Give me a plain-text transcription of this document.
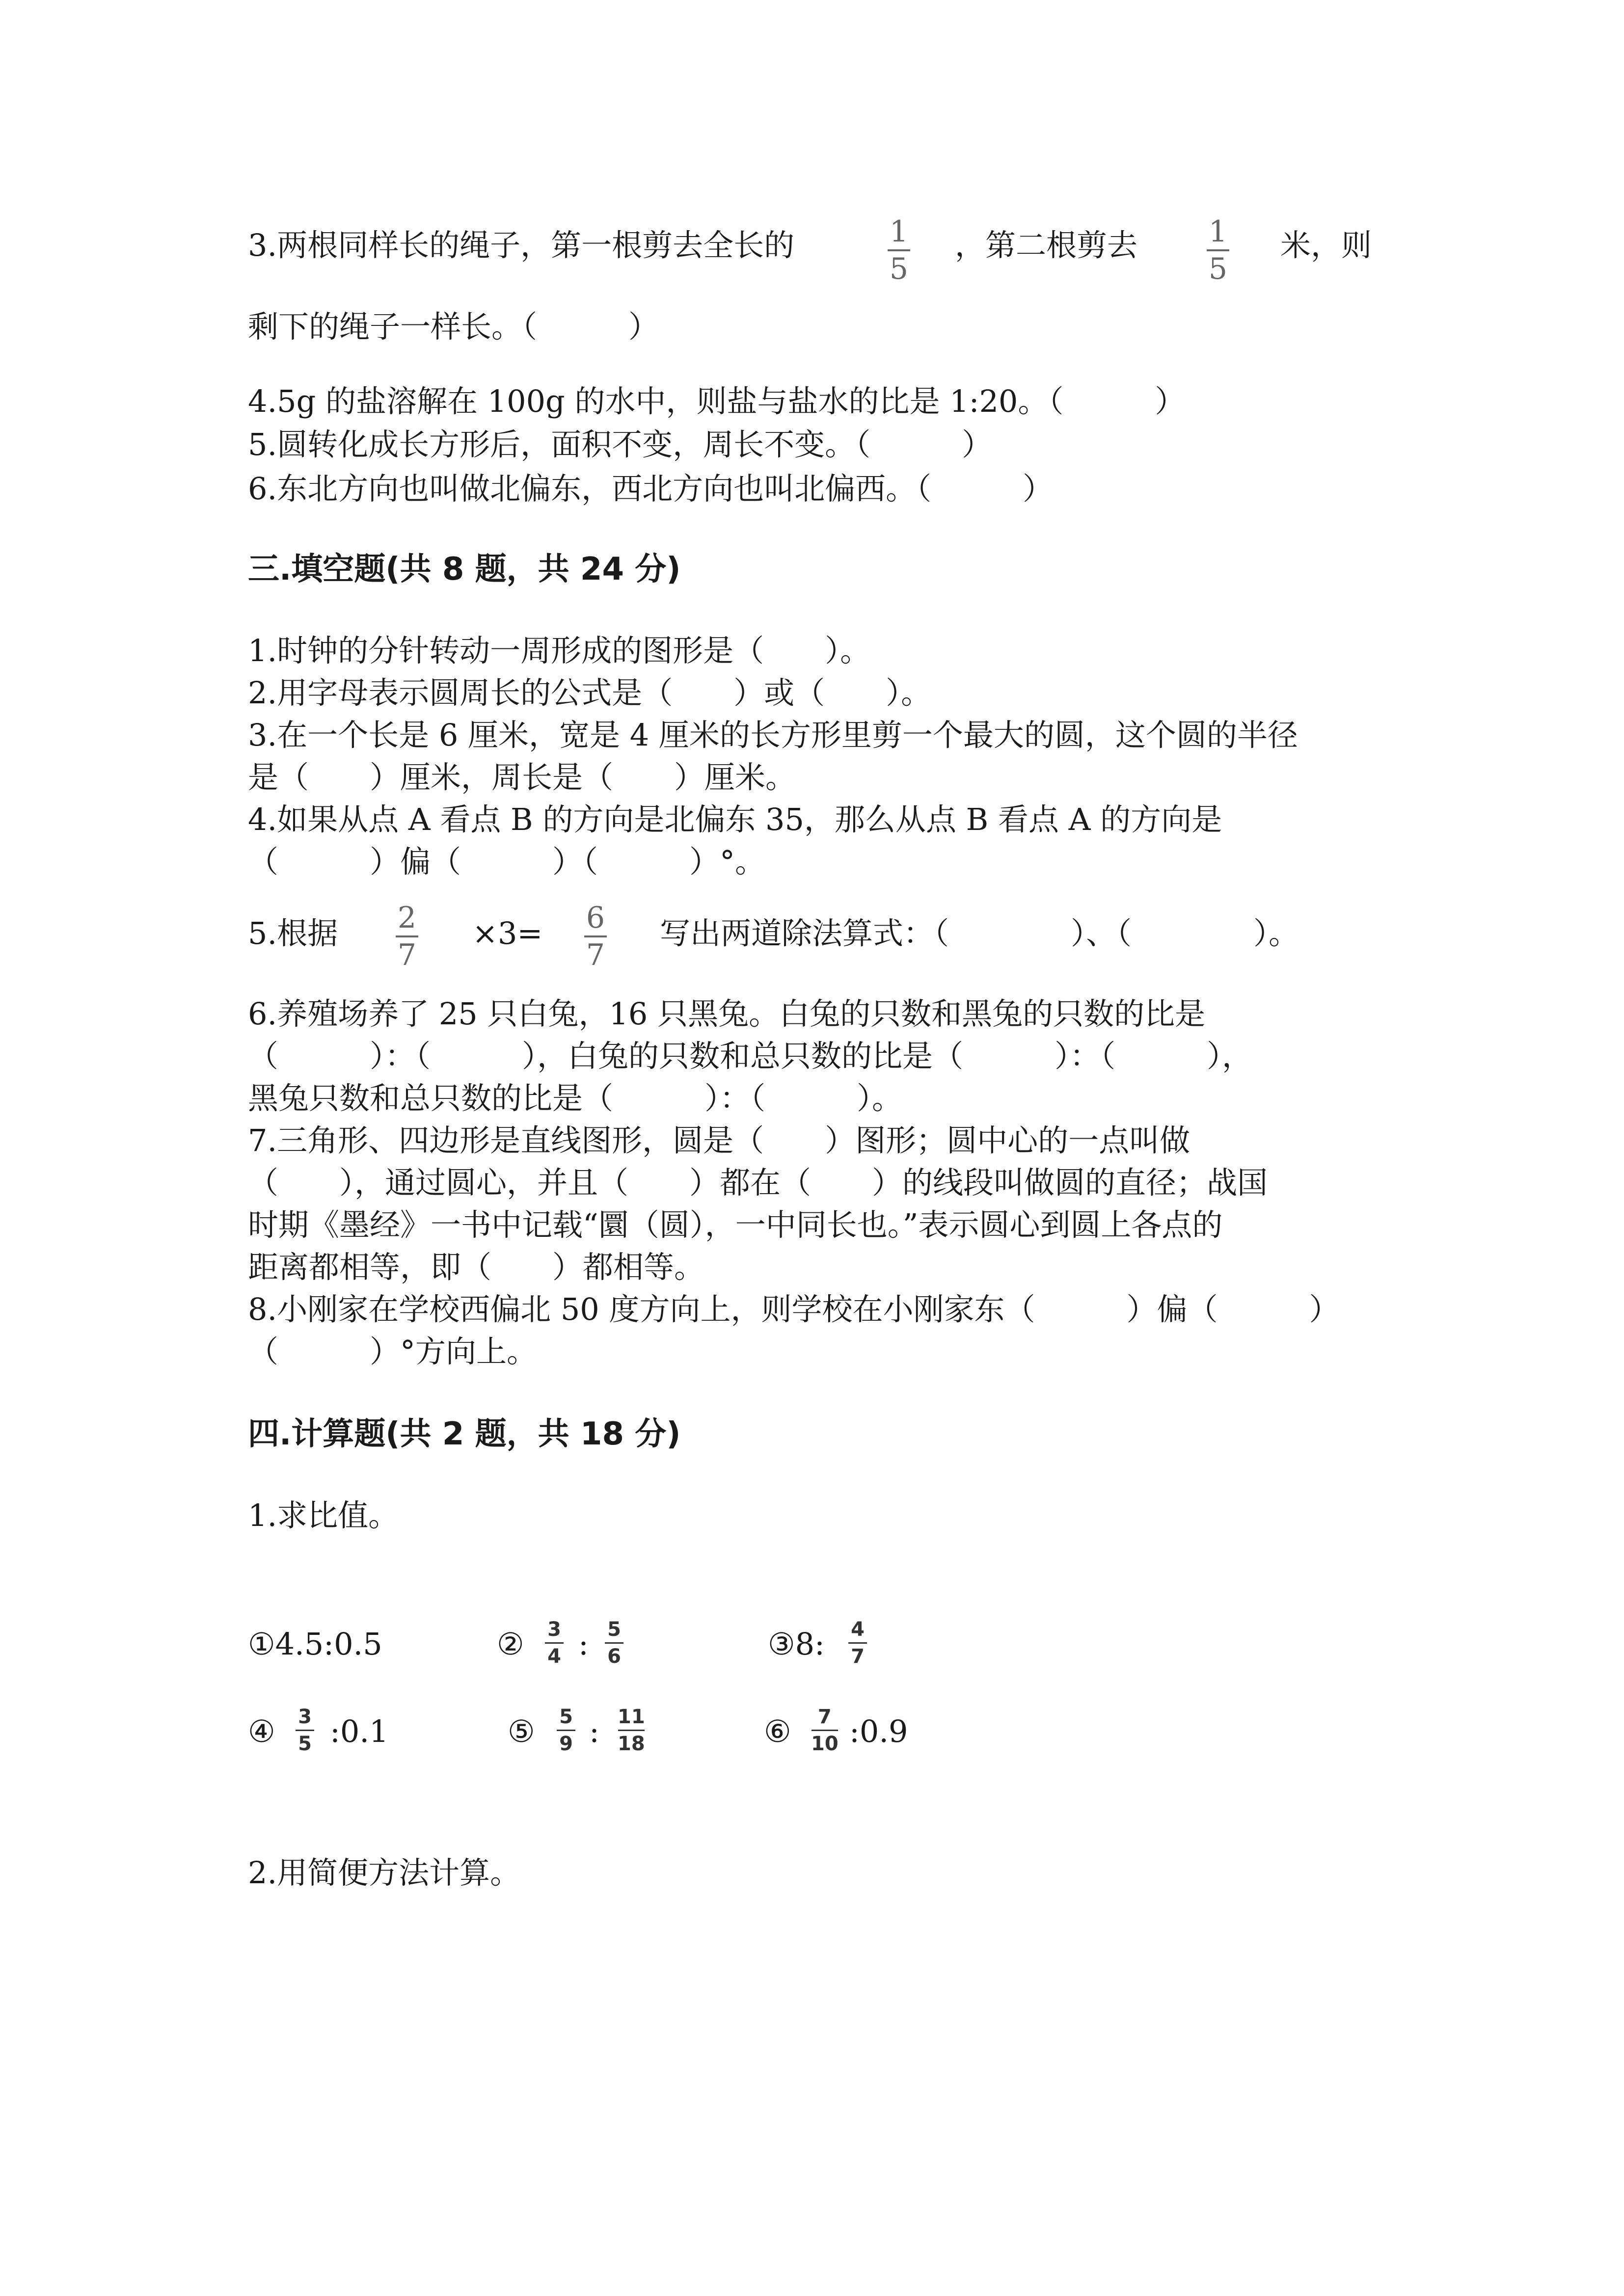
3.两根同样长的绳子，第一根剪去全长的	1
5
，第二根剪去 1
5
米，则
剩下的绳子一样长。（　　　）
4.5g 的盐溶解在 100g 的水中，则盐与盐水的比是 1:20。（　　　）
5.圆转化成长方形后，面积不变，周长不变。（　　　）
6.东北方向也叫做北偏东，西北方向也叫北偏西。（　　　）
三.填空题(共 8 题，共 24 分)
1.时钟的分针转动一周形成的图形是（　　）。
2.用字母表示圆周长的公式是（　　）或（　　）。
3.在一个长是 6 厘米，宽是 4 厘米的长方形里剪一个最大的圆，这个圆的半径
是（　　）厘米，周长是（　　）厘米。
4.如果从点 A 看点 B 的方向是北偏东 35，那么从点 B 看点 A 的方向是
（　　　）偏（　　　）（　　　）°。
5.根据 2
7
×3= 6
7
写出两道除法算式：（　　　　）、（　　　　）。
6.养殖场养了 25 只白兔，16 只黑兔。白兔的只数和黑兔的只数的比是
（　　　）：（　　　），白兔的只数和总只数的比是（　　　）：（　　　），
黑兔只数和总只数的比是（　　　）：（　　　）。
7.三角形、四边形是直线图形，圆是（　　）图形；圆中心的一点叫做
（　　），通过圆心，并且（　　）都在（　　）的线段叫做圆的直径；战国
时期《墨经》一书中记载“圜（圆），一中同长也。”表示圆心到圆上各点的
距离都相等，即（　　）都相等。
8.小刚家在学校西偏北 50 度方向上，则学校在小刚家东（　　　）偏（　　　）
（　　　）°方向上。
四.计算题(共 2 题，共 18 分)
1.求比值。
①4.5:0.5	② 3
4 : 5
6	③8: 4
7
④ 3
5 :0.1	⑤ 5
9 : 11
18	⑥ 7
10 :0.9
2.用简便方法计算。
